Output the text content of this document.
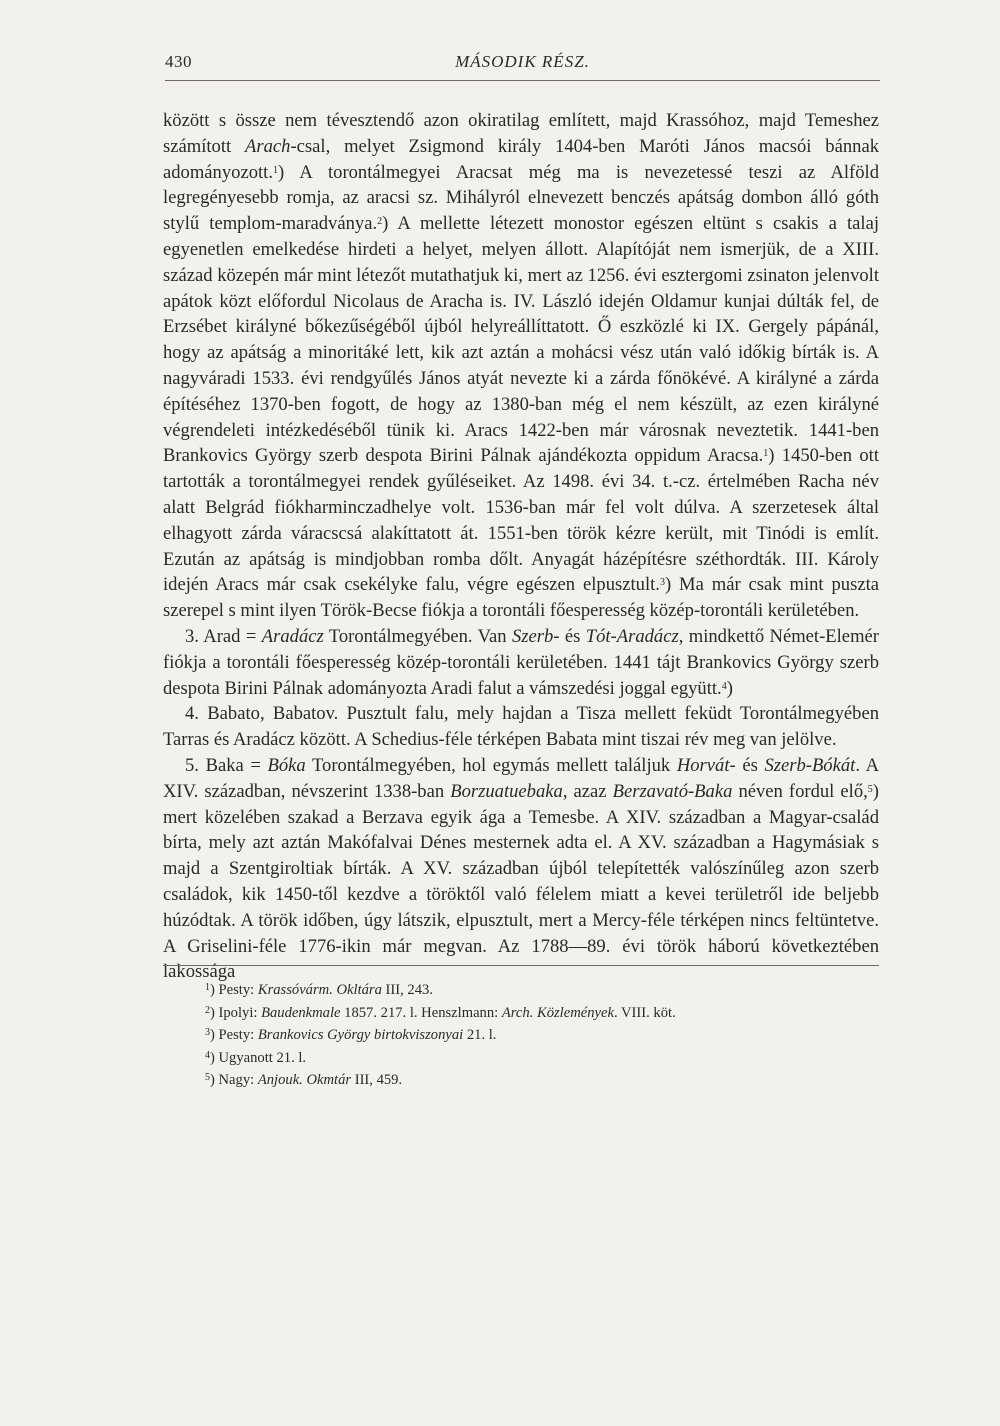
430	MÁSODIK RÉSZ.

között s össze nem tévesztendő azon okiratilag említett, majd Krassóhoz, majd Temeshez számított Arach-csal, melyet Zsigmond király 1404-ben Maróti János macsói bánnak adományozott.$^1$) A torontálmegyei Aracsat még ma is nevezetessé teszi az Alföld legregényesebb romja, az aracsi sz. Mihályról elnevezett benczés apátság dombon álló góth stylű templom-maradványa.$^2$) A mellette létezett monostor egészen eltünt s csakis a talaj egyenetlen emelkedése hirdeti a helyet, melyen állott. Alapítóját nem ismerjük, de a XIII. század közepén már mint létezőt mutathatjuk ki, mert az 1256. évi esztergomi zsinaton jelenvolt apátok közt előfordul Nicolaus de Aracha is. IV. László idején Oldamur kunjai dúlták fel, de Erzsébet királyné bőkezűségéből újból helyreállíttatott. Ő eszközlé ki IX. Gergely pápánál, hogy az apátság a minoritáké lett, kik azt aztán a mohácsi vész után való időkig bírták is. A nagyváradi 1533. évi rendgyűlés János atyát nevezte ki a zárda főnökévé. A királyné a zárda építéséhez 1370-ben fogott, de hogy az 1380-ban még el nem készült, az ezen királyné végrendeleti intézkedéséből tünik ki. Aracs 1422-ben már városnak neveztetik. 1441-ben Brankovics György szerb despota Birini Pálnak ajándékozta oppidum Aracsa.$^1$) 1450-ben ott tartották a torontálmegyei rendek gyűléseiket. Az 1498. évi 34. t.-cz. értelmében Racha név alatt Belgrád fiókharminczadhelye volt. 1536-ban már fel volt dúlva. A szerzetesek által elhagyott zárda váracscsá alakíttatott át. 1551-ben török kézre került, mit Tinódi is említ. Ezután az apátság is mindjobban romba dőlt. Anyagát házépítésre széthordták. III. Károly idején Aracs már csak csekélyke falu, végre egészen elpusztult.$^3$) Ma már csak mint puszta szerepel s mint ilyen Török-Becse fiókja a torontáli főesperesség közép-torontáli kerületében.

3. Arad = Aradácz Torontálmegyében. Van Szerb- és Tót-Aradácz, mindkettő Német-Elemér fiókja a torontáli főesperesség közép-torontáli kerületében. 1441 tájt Brankovics György szerb despota Birini Pálnak adományozta Aradi falut a vámszedési joggal együtt.$^4$)

4. Babato, Babatov. Pusztult falu, mely hajdan a Tisza mellett feküdt Torontálmegyében Tarras és Aradácz között. A Schedius-féle térképen Babata mint tiszai rév meg van jelölve.

5. Baka = Bóka Torontálmegyében, hol egymás mellett találjuk Horvát- és Szerb-Bókát. A XIV. században, névszerint 1338-ban Borzuatuebaka, azaz Berzavató-Baka néven fordul elő,$^5$) mert közelében szakad a Berzava egyik ága a Temesbe. A XIV. században a Magyar-család bírta, mely azt aztán Makófalvai Dénes mesternek adta el. A XV. században a Hagymásiak s majd a Szentgiroltiak bírták. A XV. században újból telepítették valószínűleg azon szerb családok, kik 1450-től kezdve a töröktől való félelem miatt a kevei területről ide beljebb húzódtak. A török időben, úgy látszik, elpusztult, mert a Mercy-féle térképen nincs feltüntetve. A Griselini-féle 1776-ikin már megvan. Az 1788—89. évi török háború következtében lakossága

$^1$) Pesty: Krassóvárm. Okltára III, 243.
$^2$) Ipolyi: Baudenkmale 1857. 217. l. Henszlmann: Arch. Közlemények. VIII. köt.
$^3$) Pesty: Brankovics György birtokviszonyai 21. l.
$^4$) Ugyanott 21. l.
$^5$) Nagy: Anjouk. Okmtár III, 459.
